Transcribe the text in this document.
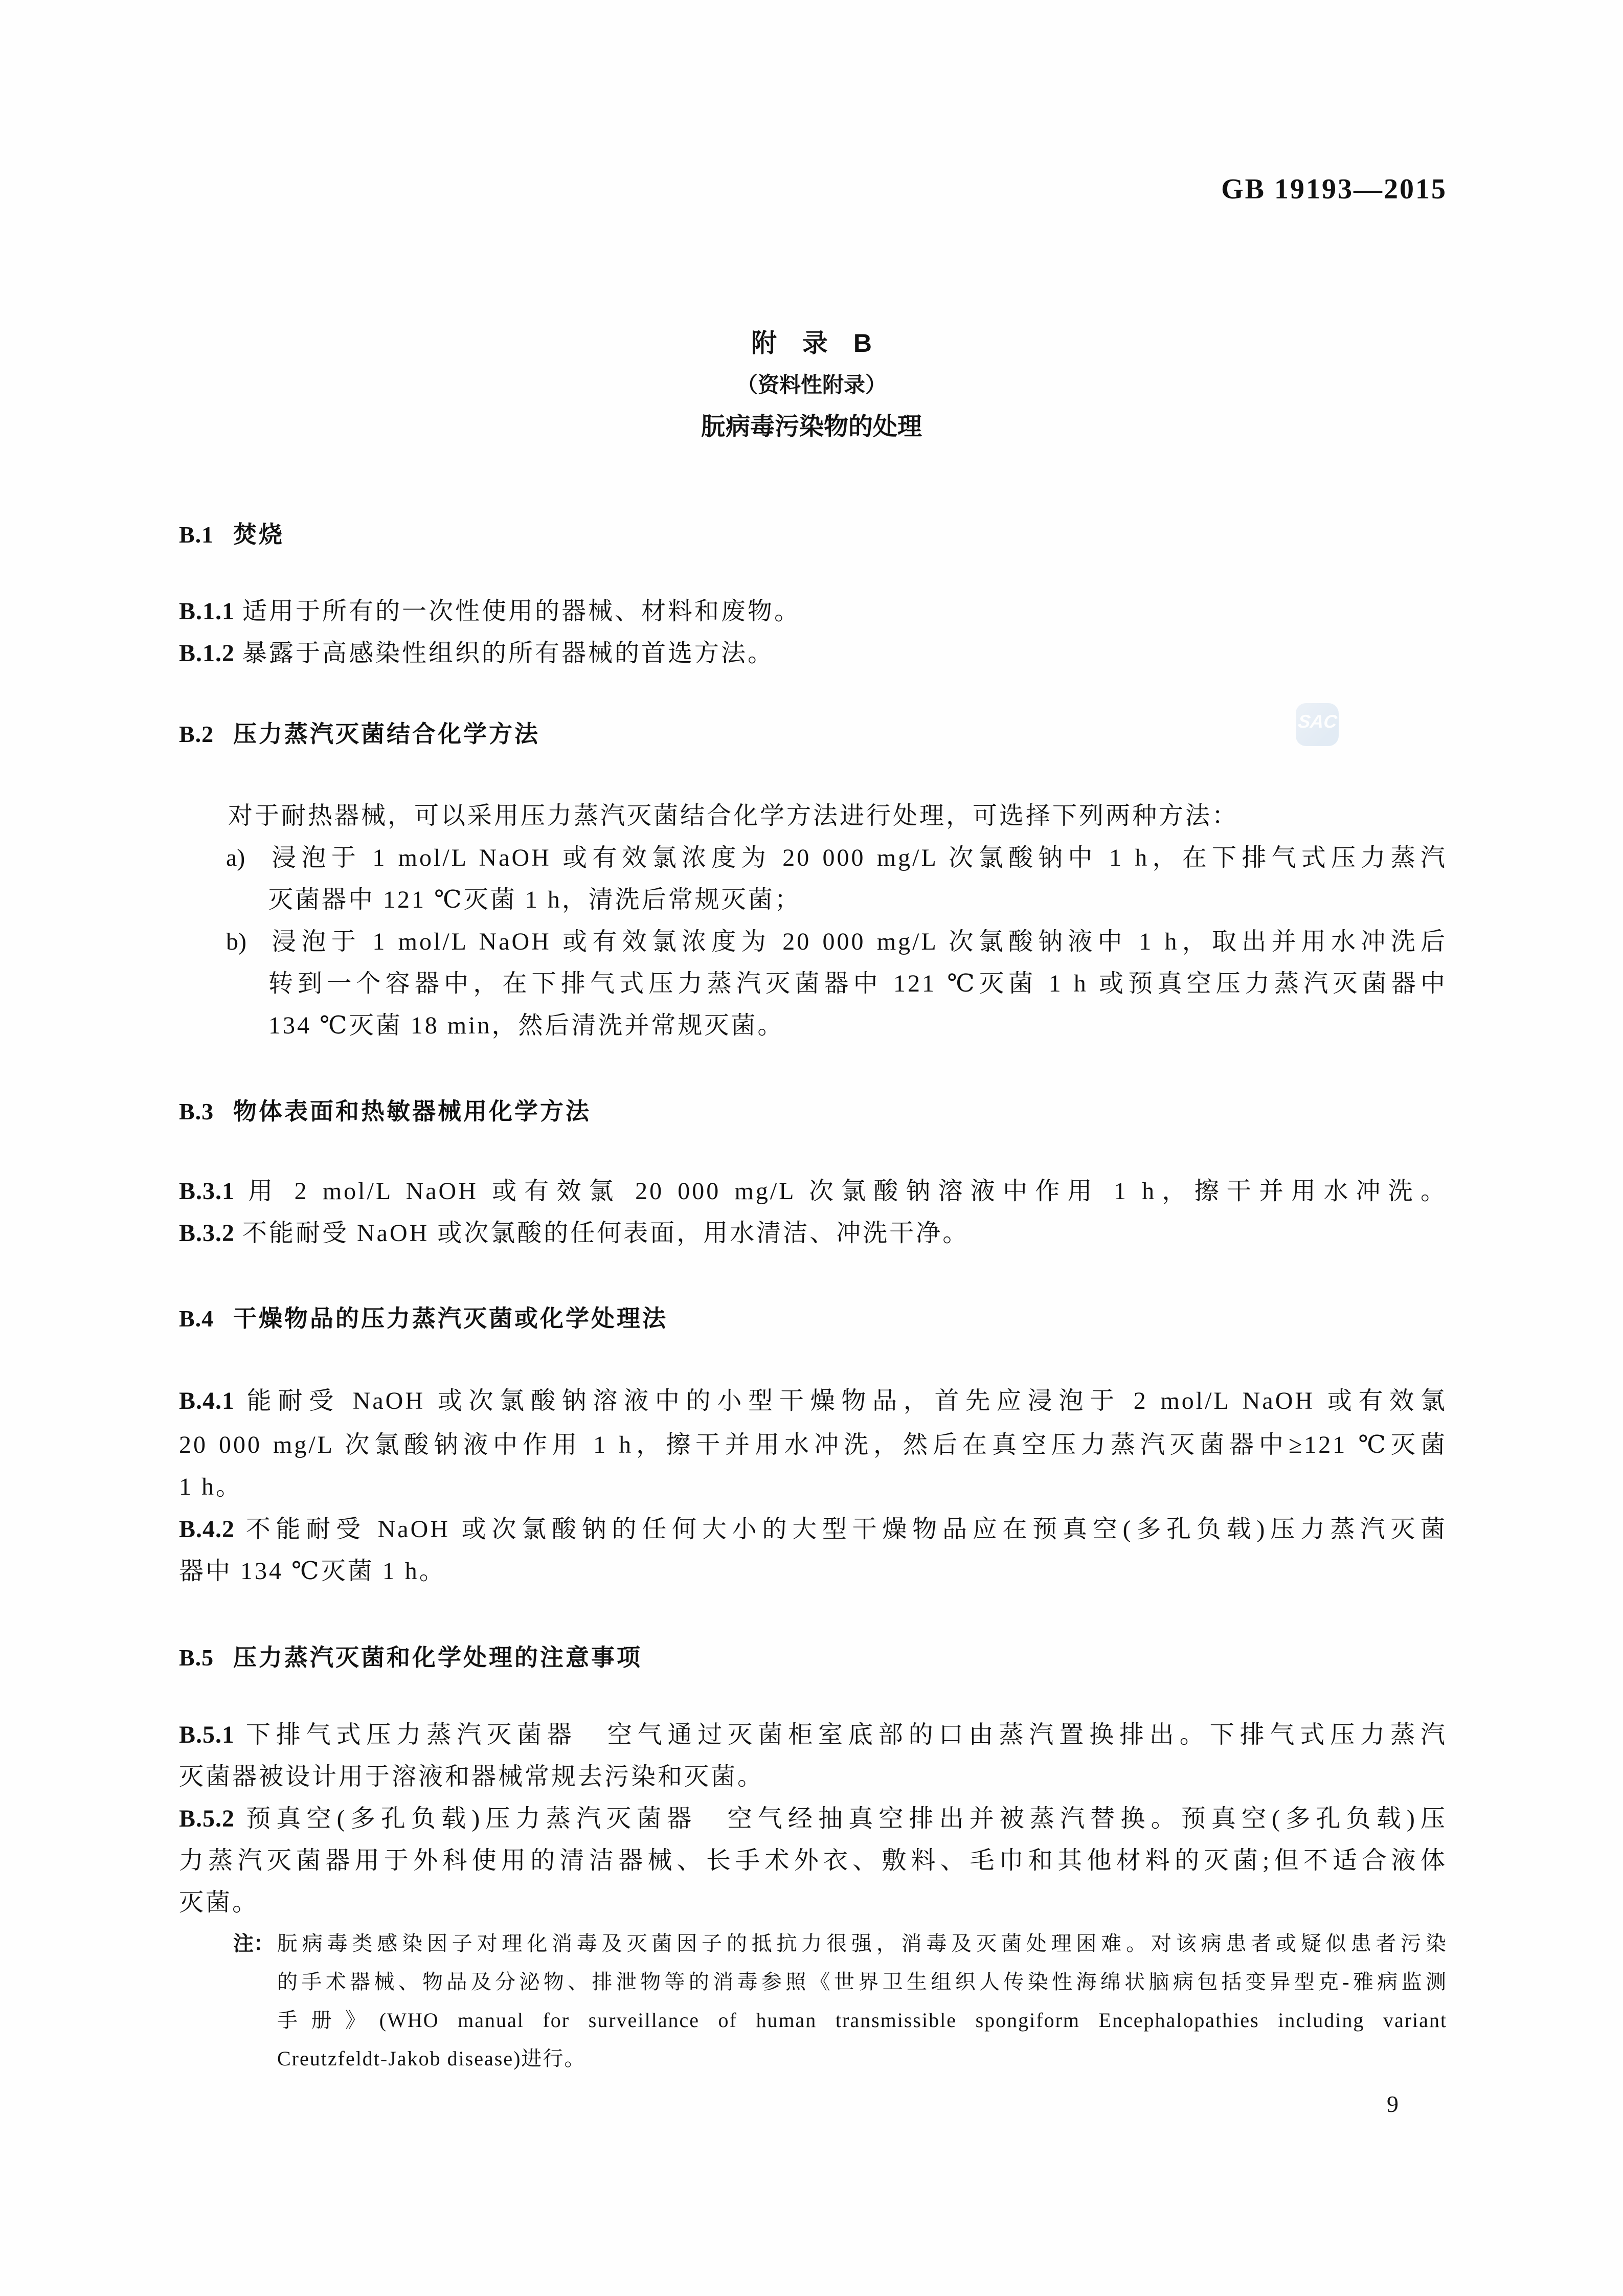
GB 19193—2015
SAC
附　录　B
（资料性附录）
朊病毒污染物的处理
B.1 焚烧
B.1.1 适用于所有的一次性使用的器械、材料和废物。
B.1.2 暴露于高感染性组织的所有器械的首选方法。
B.2 压力蒸汽灭菌结合化学方法
对于耐热器械，可以采用压力蒸汽灭菌结合化学方法进行处理，可选择下列两种方法：
a) 浸泡于 1 mol/L NaOH 或有效氯浓度为 20 000 mg/L 次氯酸钠中 1 h，在下排气式压力蒸汽
灭菌器中 121 ℃灭菌 1 h，清洗后常规灭菌；
b) 浸泡于 1 mol/L NaOH 或有效氯浓度为 20 000 mg/L 次氯酸钠液中 1 h，取出并用水冲洗后
转到一个容器中，在下排气式压力蒸汽灭菌器中 121 ℃灭菌 1 h 或预真空压力蒸汽灭菌器中
134 ℃灭菌 18 min，然后清洗并常规灭菌。
B.3 物体表面和热敏器械用化学方法
B.3.1 用 2 mol/L NaOH 或有效氯 20 000 mg/L 次氯酸钠溶液中作用 1 h，擦干并用水冲洗。
B.3.2 不能耐受 NaOH 或次氯酸的任何表面，用水清洁、冲洗干净。
B.4 干燥物品的压力蒸汽灭菌或化学处理法
B.4.1 能耐受 NaOH 或次氯酸钠溶液中的小型干燥物品，首先应浸泡于 2 mol/L NaOH 或有效氯
20 000 mg/L 次氯酸钠液中作用 1 h，擦干并用水冲洗，然后在真空压力蒸汽灭菌器中≥121 ℃灭菌
1 h。
B.4.2 不能耐受 NaOH 或次氯酸钠的任何大小的大型干燥物品应在预真空(多孔负载)压力蒸汽灭菌
器中 134 ℃灭菌 1 h。
B.5 压力蒸汽灭菌和化学处理的注意事项
B.5.1 下排气式压力蒸汽灭菌器　空气通过灭菌柜室底部的口由蒸汽置换排出。下排气式压力蒸汽
灭菌器被设计用于溶液和器械常规去污染和灭菌。
B.5.2 预真空(多孔负载)压力蒸汽灭菌器　空气经抽真空排出并被蒸汽替换。预真空(多孔负载)压
力蒸汽灭菌器用于外科使用的清洁器械、长手术外衣、敷料、毛巾和其他材料的灭菌;但不适合液体
灭菌。
注： 朊病毒类感染因子对理化消毒及灭菌因子的抵抗力很强，消毒及灭菌处理困难。对该病患者或疑似患者污染
的手术器械、物品及分泌物、排泄物等的消毒参照《世界卫生组织人传染性海绵状脑病包括变异型克-雅病监测
手册》(WHO manual for surveillance of human transmissible spongiform Encephalopathies including variant
Creutzfeldt-Jakob disease)进行。
9
